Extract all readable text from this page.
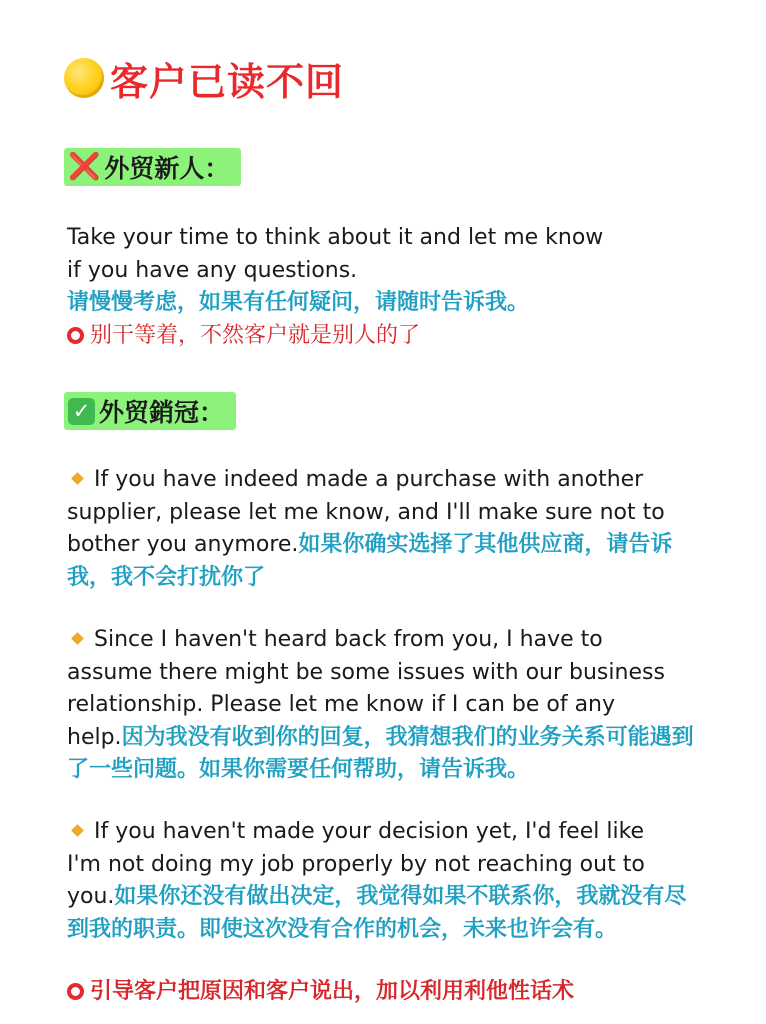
客户已读不回
❌ 外贸新人：
Take your time to think about it and let me know
if you have any questions.
请慢慢考虑，如果有任何疑问，请随时告诉我。
别干等着，不然客户就是别人的了
✓ 外贸銷冠：
If you have indeed made a purchase with another
supplier, please let me know, and I'll make sure not to
bother you anymore.如果你确实选择了其他供应商，请告诉
我，我不会打扰你了
Since I haven't heard back from you, I have to
assume there might be some issues with our business
relationship. Please let me know if I can be of any
help.因为我没有收到你的回复，我猜想我们的业务关系可能遇到
了一些问题。如果你需要任何帮助，请告诉我。
If you haven't made your decision yet, I'd feel like
I'm not doing my job properly by not reaching out to
you.如果你还没有做出决定，我觉得如果不联系你，我就没有尽
到我的职责。即使这次没有合作的机会，未来也许会有。
引导客户把原因和客户说出，加以利用利他性话术
